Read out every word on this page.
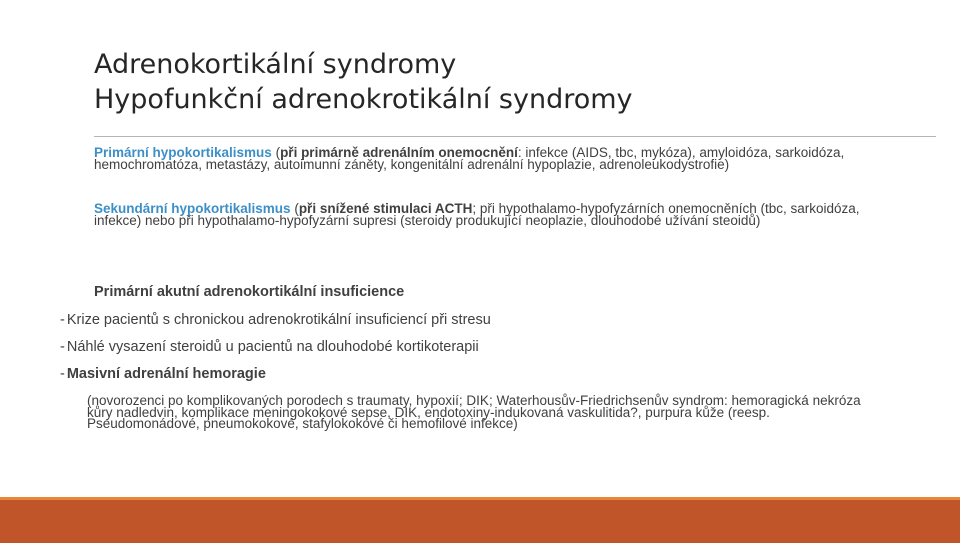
Adrenokortikální syndromy
Hypofunkční adrenokrotikální syndromy

Primární hypokortikalismus (při primárně adrenálním onemocnění: infekce (AIDS, tbc, mykóza), amyloidóza, sarkoidóza, hemochromatóza, metastázy, autoimunní záněty, kongenitální adrenální hypoplazie, adrenoleukodystrofie)

Sekundární hypokortikalismus (při snížené stimulaci ACTH; při hypothalamo-hypofyzárních onemocněních (tbc, sarkoidóza, infekce) nebo při hypothalamo-hypofyzární supresi (steroidy produkující neoplazie, dlouhodobé užívání steoidů)

Primární akutní adrenokortikální insuficience
- Krize pacientů s chronickou adrenokrotikální insuficiencí při stresu
- Náhlé vysazení steroidů u pacientů na dlouhodobé kortikoterapii
- Masivní adrenální hemoragie

(novorozenci po komplikovaných porodech s traumaty, hypoxií; DIK; Waterhousův-Friedrichsenův syndrom: hemoragická nekróza kůry nadledvin, komplikace meningokokové sepse, DIK, endotoxiny-indukovaná vaskulitida?, purpura kůže (reesp. Pseudomonádové, pneumokokové, stafylokokové či hemofilové infekce)
